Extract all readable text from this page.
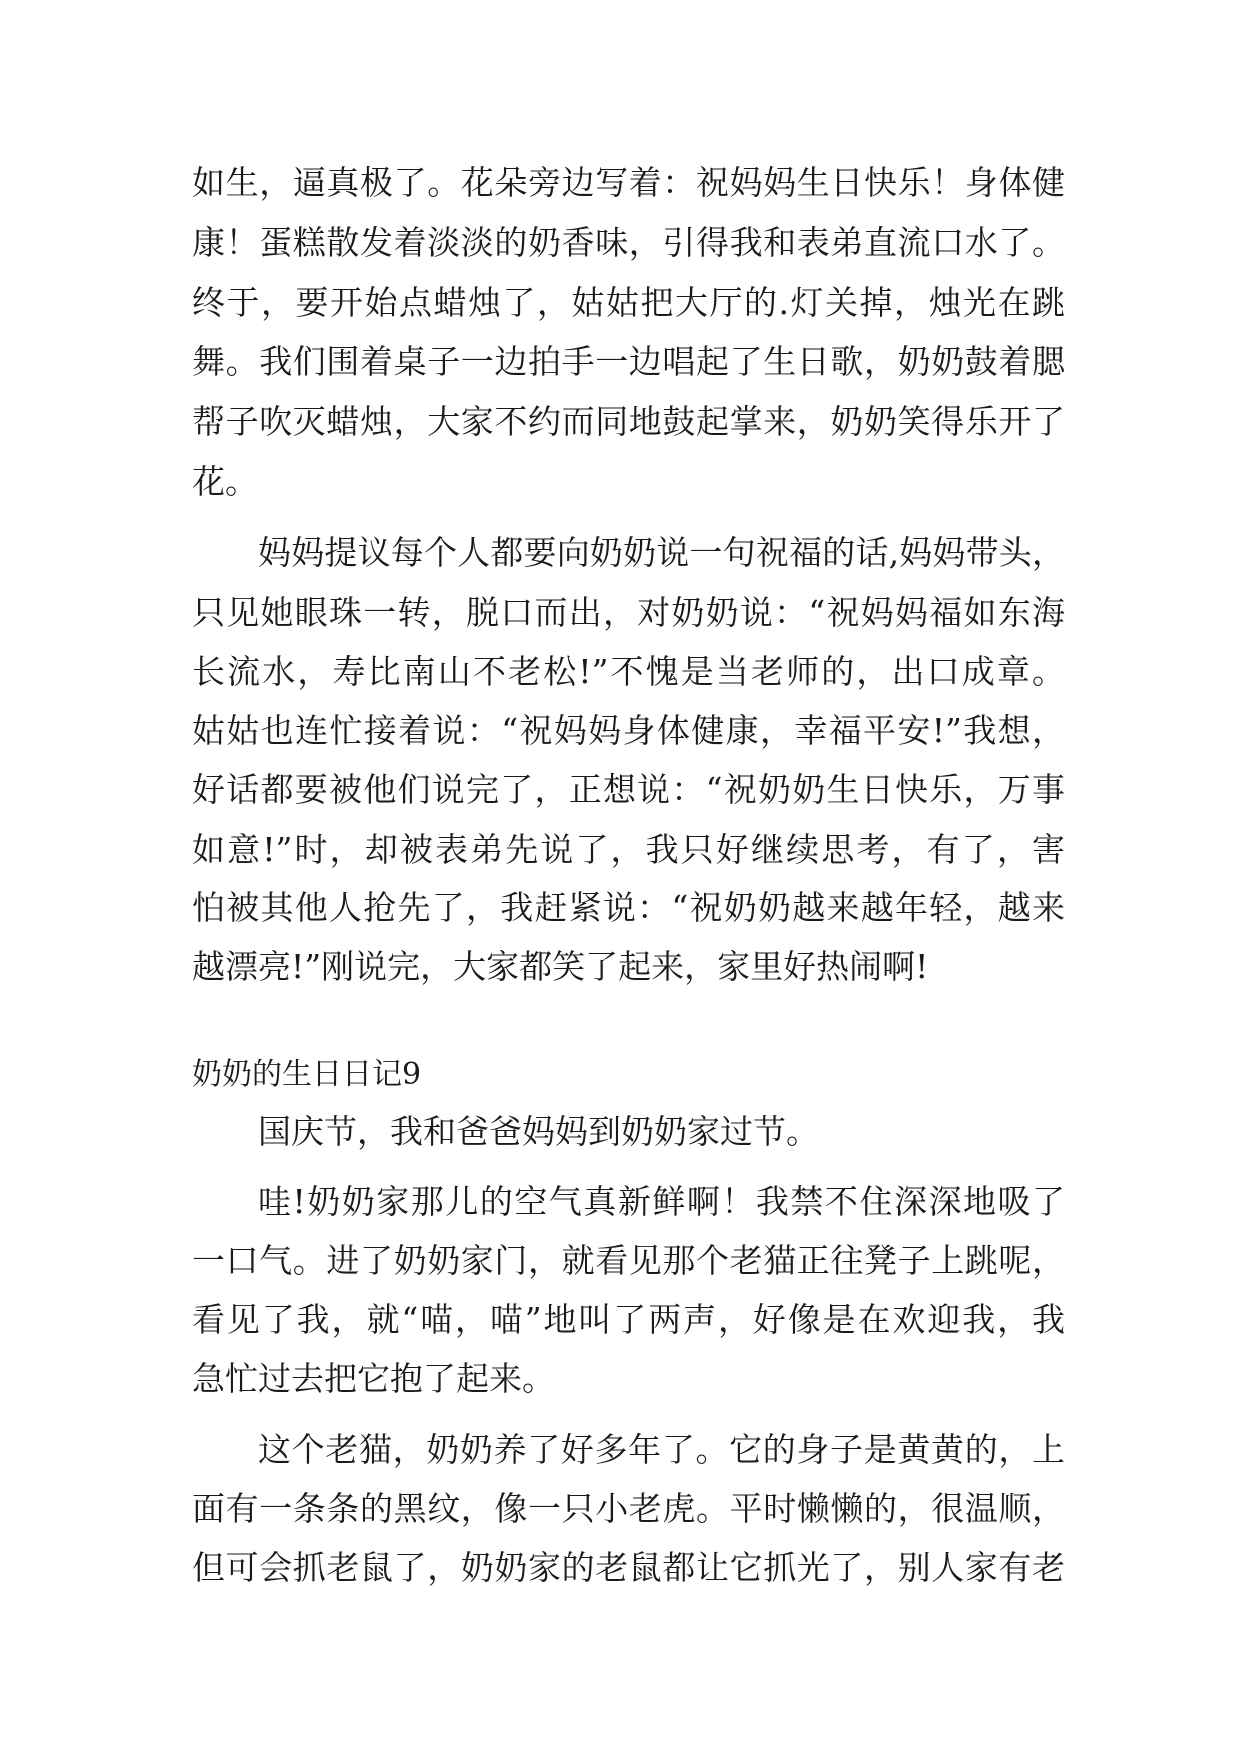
如生，逼真极了。花朵旁边写着：祝妈妈生日快乐！身体健
康！蛋糕散发着淡淡的奶香味，引得我和表弟直流口水了。
终于，要开始点蜡烛了，姑姑把大厅的.灯关掉，烛光在跳
舞。我们围着桌子一边拍手一边唱起了生日歌，奶奶鼓着腮
帮子吹灭蜡烛，大家不约而同地鼓起掌来，奶奶笑得乐开了
花。
妈妈提议每个人都要向奶奶说一句祝福的话,妈妈带头，
只见她眼珠一转，脱口而出，对奶奶说：“祝妈妈福如东海
长流水，寿比南山不老松!”不愧是当老师的，出口成章。
姑姑也连忙接着说：“祝妈妈身体健康，幸福平安!”我想，
好话都要被他们说完了，正想说：“祝奶奶生日快乐，万事
如意!”时，却被表弟先说了，我只好继续思考，有了，害
怕被其他人抢先了，我赶紧说：“祝奶奶越来越年轻，越来
越漂亮!”刚说完，大家都笑了起来，家里好热闹啊!
奶奶的生日日记9
国庆节，我和爸爸妈妈到奶奶家过节。
哇!奶奶家那儿的空气真新鲜啊！我禁不住深深地吸了
一口气。进了奶奶家门，就看见那个老猫正往凳子上跳呢，
看见了我，就“喵，喵”地叫了两声，好像是在欢迎我，我
急忙过去把它抱了起来。
这个老猫，奶奶养了好多年了。它的身子是黄黄的，上
面有一条条的黑纹，像一只小老虎。平时懒懒的，很温顺，
但可会抓老鼠了，奶奶家的老鼠都让它抓光了，别人家有老
